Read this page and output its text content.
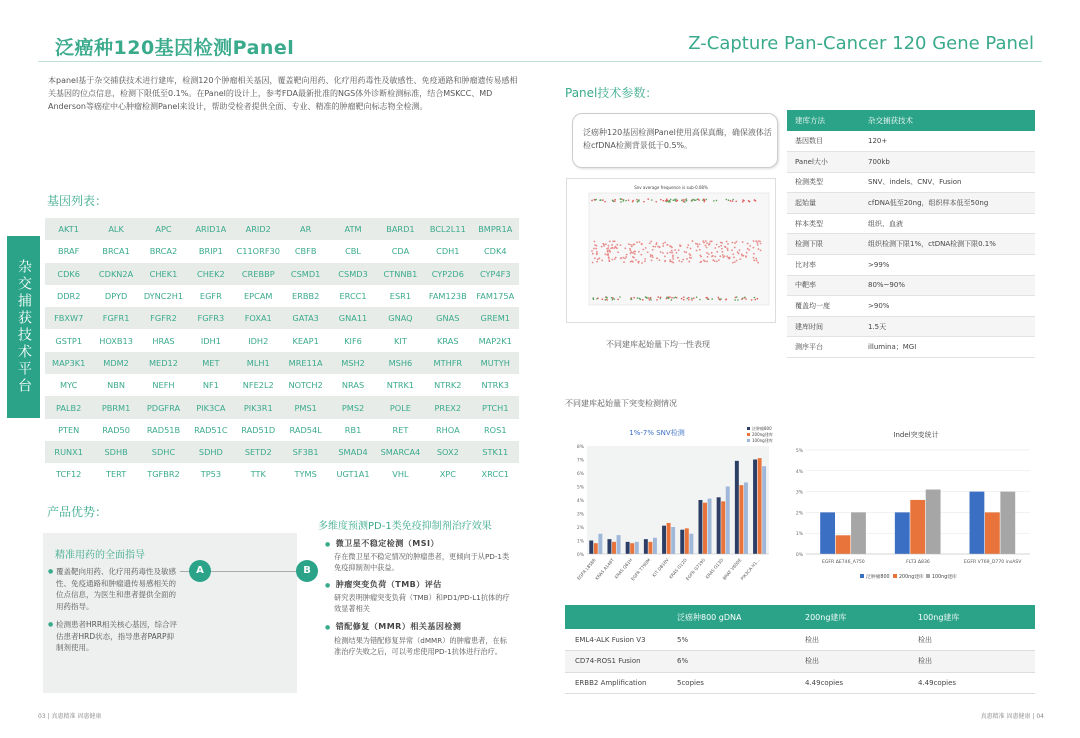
泛癌种120基因检测Panel	Z-Capture Pan-Cancer 120 Gene Panel
本panel基于杂交捕获技术进行建库，检测120个肿瘤相关基因，覆盖靶向用药、化疗用药毒性及敏感性、免疫通路和肿瘤遗传易感相关基因的位点信息，检测下限低至0.1%。在Panel的设计上，参考FDA最新批准的NGS体外诊断检测标准，结合MSKCC、MD　Anderson等癌症中心肿瘤检测Panel来设计，帮助受检者提供全面、专业、精准的肿瘤靶向标志物全检测。
杂交捕获技术平台
基因列表：
AKT1	ALK	APC	ARID1A	ARID2	AR	ATM	BARD1	BCL2L11	BMPR1A
BRAF	BRCA1	BRCA2	BRIP1	C11ORF30	CBFB	CBL	CDA	CDH1	CDK4
CDK6	CDKN2A	CHEK1	CHEK2	CREBBP	CSMD1	CSMD3	CTNNB1	CYP2D6	CYP4F3
DDR2	DPYD	DYNC2H1	EGFR	EPCAM	ERBB2	ERCC1	ESR1	FAM123B	FAM175A
FBXW7	FGFR1	FGFR2	FGFR3	FOXA1	GATA3	GNA11	GNAQ	GNAS	GREM1
GSTP1	HOXB13	HRAS	IDH1	IDH2	KEAP1	KIF6	KIT	KRAS	MAP2K1
MAP3K1	MDM2	MED12	MET	MLH1	MRE11A	MSH2	MSH6	MTHFR	MUTYH
MYC	NBN	NEFH	NF1	NFE2L2	NOTCH2	NRAS	NTRK1	NTRK2	NTRK3
PALB2	PBRM1	PDGFRA	PIK3CA	PIK3R1	PMS1	PMS2	POLE	PREX2	PTCH1
PTEN	RAD50	RAD51B	RAD51C	RAD51D	RAD54L	RB1	RET	RHOA	ROS1
RUNX1	SDHB	SDHC	SDHD	SETD2	SF3B1	SMAD4	SMARCA4	SOX2	STK11
TCF12	TERT	TGFBR2	TP53	TTK	TYMS	UGT1A1	VHL	XPC	XRCC1
产品优势：
多维度预测PD-1类免疫抑制剂治疗效果
精准用药的全面指导
● 覆盖靶向用药、化疗用药毒性及敏感性、免疫通路和肿瘤遗传易感相关的位点信息，为医生和患者提供全面的用药指导。
● 检测患者HRR相关核心基因，综合评估患者HRD状态，指导患者PARP抑制剂使用。
A	B
● 微卫星不稳定检测（MSI）
存在微卫星不稳定情况的肿瘤患者，更倾向于从PD-1类免疫抑制剂中获益。
● 肿瘤突变负荷（TMB）评估
研究表明肿瘤突变负荷（TMB）和PD1/PD-L1抗体的疗效显著相关
● 错配修复（MMR）相关基因检测
检测结果为错配修复异常（dMMR）的肿瘤患者，在标准治疗失败之后，可以考虑使用PD-1抗体进行治疗。
Panel技术参数：
泛癌种120基因检测Panel使用高保真酶，确保液体活检cfDNA检测背景低于0.5%。
建库方法	杂交捕获技术
基因数目	120+
Panel大小	700kb
检测类型	SNV、indels、CNV、Fusion
起始量	cfDNA低至20ng，组织样本低至50ng
样本类型	组织、血液
检测下限	组织检测下限1%，ctDNA检测下限0.1%
比对率	>99%
中靶率	80%~90%
覆盖均一度	>90%
建库时间	1.5天
测序平台	illumina；MGI
Snv average frequence is sub-0.08%
不同建库起始量下均一性表现
不同建库起始量下突变检测情况
0%
1%
2%
3%
4%
5%
6%
7%
8%
1%-7% SNV检测
EGFR L858R
KRAS A146T
KRAS Q61H
EGFR T790M KIT D816V
KRAS G12D
EGFR G719S
KRAS G13D
BRAF V600E
PIK3CA H1...
泛肿瘤800
200ng建库
100ng建库
0%
1%
2%
3%
4%
5%
Indel突变统计
EGFR ΔE746_A750	FLT3 Δ836	EGFR V769_D770 insASV
泛肿瘤800 200ng建库 100ng建库
	泛癌种800 gDNA	200ng建库	100ng建库
EML4-ALK Fusion V3	5%	检出	检出
CD74-ROS1 Fusion	6%	检出	检出
ERBB2 Amplification	5copies	4.49copies	4.49copies
03 | 真惠精准 固惠健康	真惠精准 固惠健康 | 04
